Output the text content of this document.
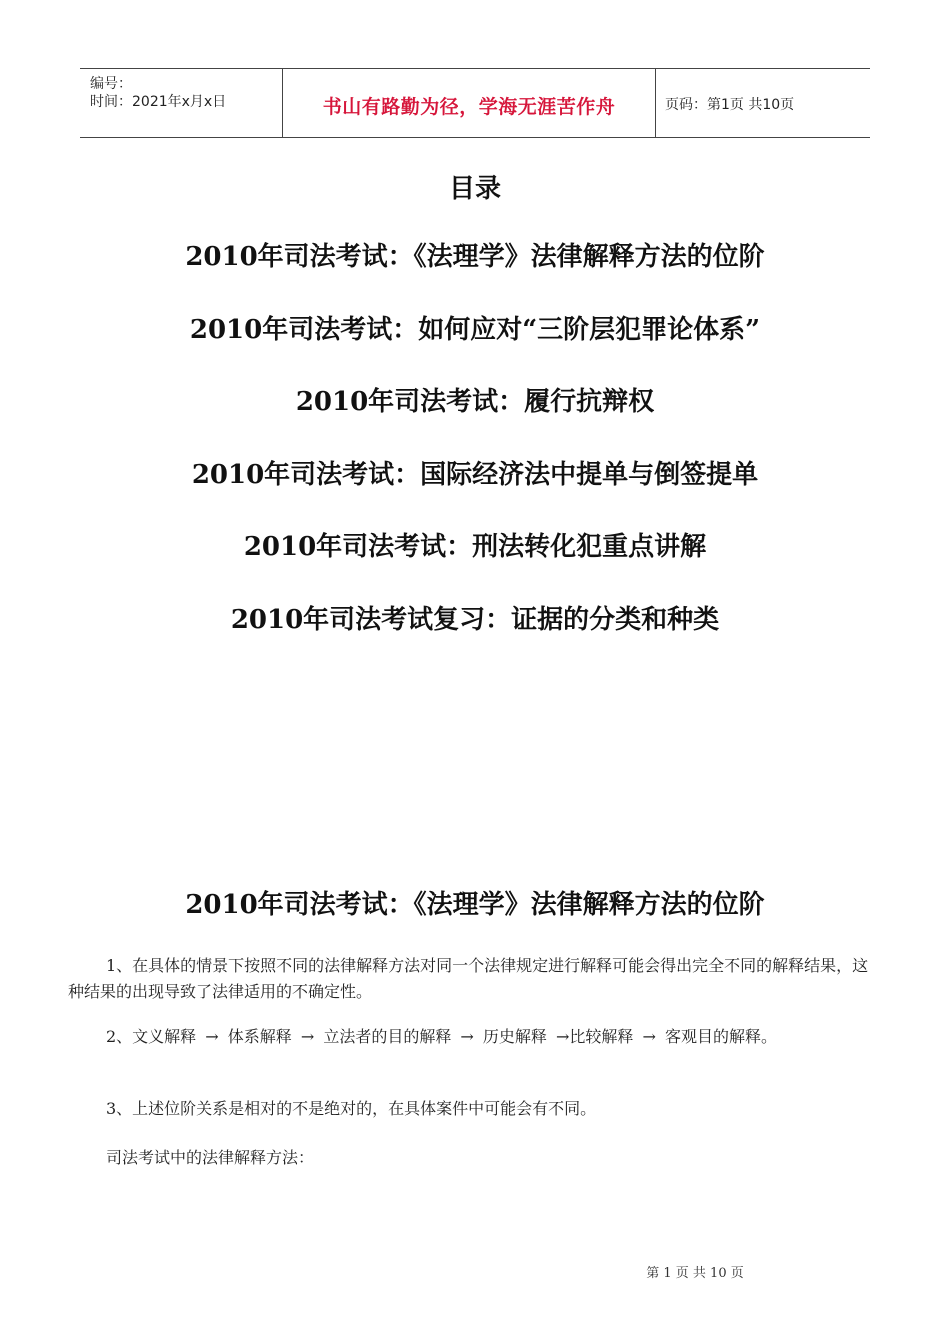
编号：
时间：2021年x月x日	书山有路勤为径，学海无涯苦作舟	页码：第1页 共10页
目录
2010年司法考试：《法理学》法律解释方法的位阶
2010年司法考试：如何应对“三阶层犯罪论体系”
2010年司法考试：履行抗辩权
2010年司法考试：国际经济法中提单与倒签提单
2010年司法考试：刑法转化犯重点讲解
2010年司法考试复习：证据的分类和种类
2010年司法考试：《法理学》法律解释方法的位阶
1、在具体的情景下按照不同的法律解释方法对同一个法律规定进行解释可能会得出完全不同的解释结果，这种结果的出现导致了法律适用的不确定性。
2、文义解释 → 体系解释 → 立法者的目的解释 → 历史解释 →比较解释 → 客观目的解释。
3、上述位阶关系是相对的不是绝对的，在具体案件中可能会有不同。
司法考试中的法律解释方法：
第 1 页 共 10 页
